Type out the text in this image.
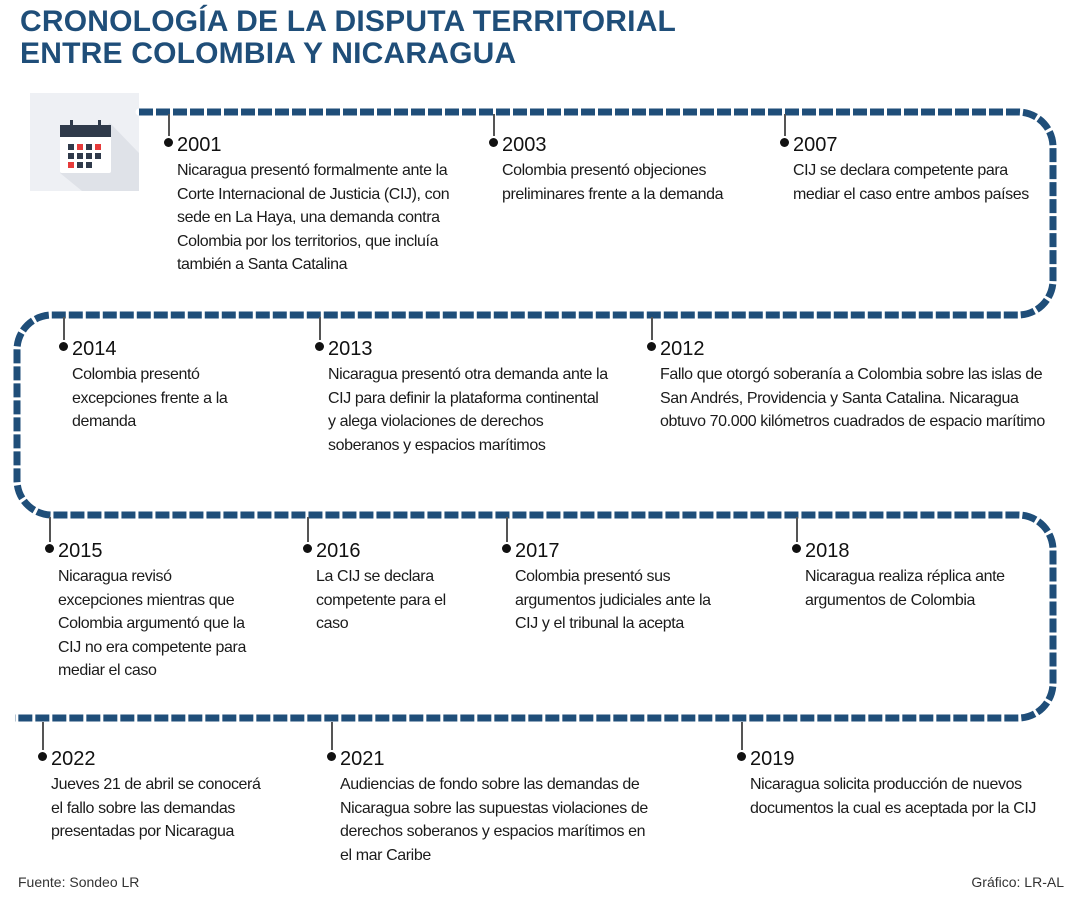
CRONOLOGÍA DE LA DISPUTA TERRITORIAL
ENTRE COLOMBIA Y NICARAGUA

2001

Nicaragua presentó formalmente ante la Corte Internacional de Justicia (CIJ), con sede en La Haya, una demanda contra Colombia por los territorios, que incluía también a Santa Catalina

2003

Colombia presentó objeciones preliminares frente a la demanda

2007

CIJ se declara competente para mediar el caso entre ambos países

2014

Colombia presentó excepciones frente a la demanda

2013

Nicaragua presentó otra demanda ante la CIJ para definir la plataforma continental y alega violaciones de derechos soberanos y espacios marítimos

2012

Fallo que otorgó soberanía a Colombia sobre las islas de San Andrés, Providencia y Santa Catalina. Nicaragua obtuvo 70.000 kilómetros cuadrados de espacio marítimo

2015

Nicaragua revisó excepciones mientras que Colombia argumentó que la CIJ no era competente para mediar el caso

2016

La CIJ se declara competente para el caso

2017

Colombia presentó sus argumentos judiciales ante la CIJ y el tribunal la acepta

2018

Nicaragua realiza réplica ante argumentos de Colombia

2022

Jueves 21 de abril se conocerá el fallo sobre las demandas presentadas por Nicaragua

2021

Audiencias de fondo sobre las demandas de Nicaragua sobre las supuestas violaciones de derechos soberanos y espacios marítimos en el mar Caribe

2019

Nicaragua solicita producción de nuevos documentos la cual es aceptada por la CIJ

Fuente: Sondeo LR	Gráfico: LR-AL
